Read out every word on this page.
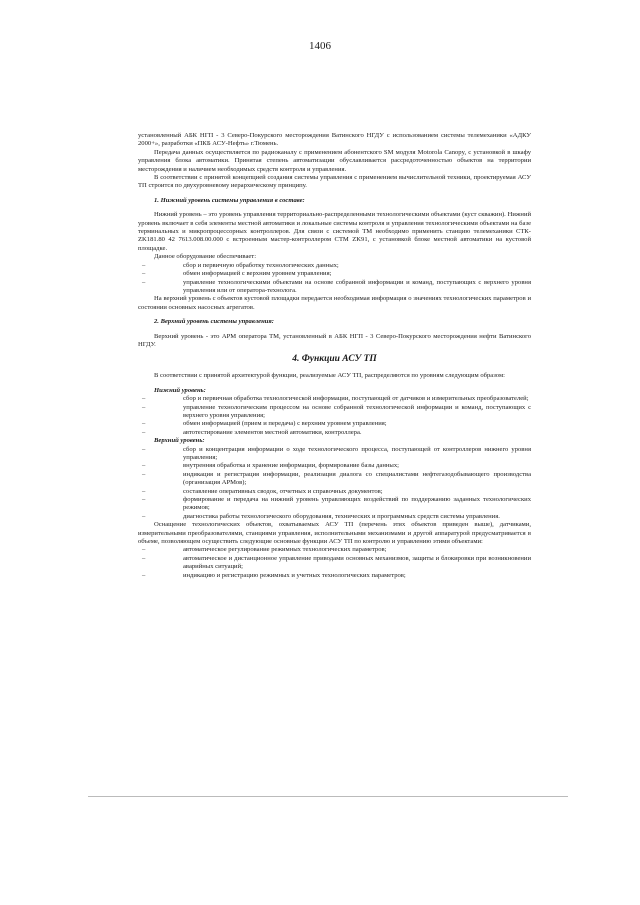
1406

установленный АБК НГП - 3 Северо-Покурского месторождения Ватинского НГДУ с использованием системы телемеханики «АДКУ 2000+», разработки «ПКБ АСУ-Нефть» г.Тюмень.

Передача данных осуществляется по радиоканалу с применением абонентского SM модуля Motorola Canopy, с установкой в шкафу управления блока автоматики. Принятая степень автоматизации обуславливается рассредоточенностью объектов на территории месторождения и наличием необходимых средств контроля и управления.

В соответствии с принятой концепцией создания системы управления с применением вычислительной техники, проектируемая АСУ ТП строится по двухуровневому иерархическому принципу.

1. Нижний уровень системы управления в составе:

Нижний уровень – это уровень управления территориально-распределенными технологическими объектами (куст скважин). Нижний уровень включает в себя элементы местной автоматики и локальные системы контроля и управления технологическими объектами на базе терминальных и микропроцессорных контроллеров. Для связи с системой ТМ необходимо применить станцию телемеханики СТК-ZK181.80 42 7613.008.00.000 с встроенным мастер-контроллером СТМ ZK91, с установкой блоке местной автоматики на кустовой площадке.

Данное оборудование обеспечивает:

– сбор и первичную обработку технологических данных;

– обмен информацией с верхним уровнем управления;

– управление технологическими объектами на основе собранной информации и команд, поступающих с верхнего уровня управления или от оператора-технолога.

На верхний уровень с объектов кустовой площадки передается необходимая информация о значениях технологических параметров и состоянии основных насосных агрегатов.

2. Верхний уровень системы управления:

Верхний уровень - это АРМ оператора ТМ, установленный в АБК НГП - 3 Северо-Покурского месторождения нефти Ватинского НГДУ.

4. Функции АСУ ТП

В соответствии с принятой архитектурой функции, реализуемые АСУ ТП, распределяются по уровням следующим образом:

Нижний уровень:

– сбор и первичная обработка технологической информации, поступающей от датчиков и измерительных преобразователей;

– управление технологическим процессом на основе собранной технологической информации и команд, поступающих с верхнего уровня управления;

– обмен информацией (прием и передача) с верхним уровнем управления;

– автотестирование элементов местной автоматики, контроллера.

Верхний уровень:

– сбор и концентрация информации о ходе технологического процесса, поступающей от контроллеров нижнего уровня управления;

– внутренняя обработка и хранение информации, формирование базы данных;

– индикация и регистрация информации, реализация диалога со специалистами нефтегазодобывающего производства (организация АРМов);

– составление оперативных сводок, отчетных и справочных документов;

– формирование и передача на нижний уровень управляющих воздействий по поддержанию заданных технологических режимов;

– диагностика работы технологического оборудования, технических и программных средств системы управления.

Оснащение технологических объектов, охватываемых АСУ ТП (перечень этих объектов приведен выше), датчиками, измерительными преобразователями, станциями управления, исполнительными механизмами и другой аппаратурой предусматривается в объеме, позволяющем осуществить следующие основные функции АСУ ТП по контролю и управлению этими объектами:

– автоматическое регулирование режимных технологических параметров;

– автоматическое и дистанционное управление приводами основных механизмов, защиты и блокировки при возникновении аварийных ситуаций;

– индикацию и регистрацию режимных и учетных технологических параметров;
